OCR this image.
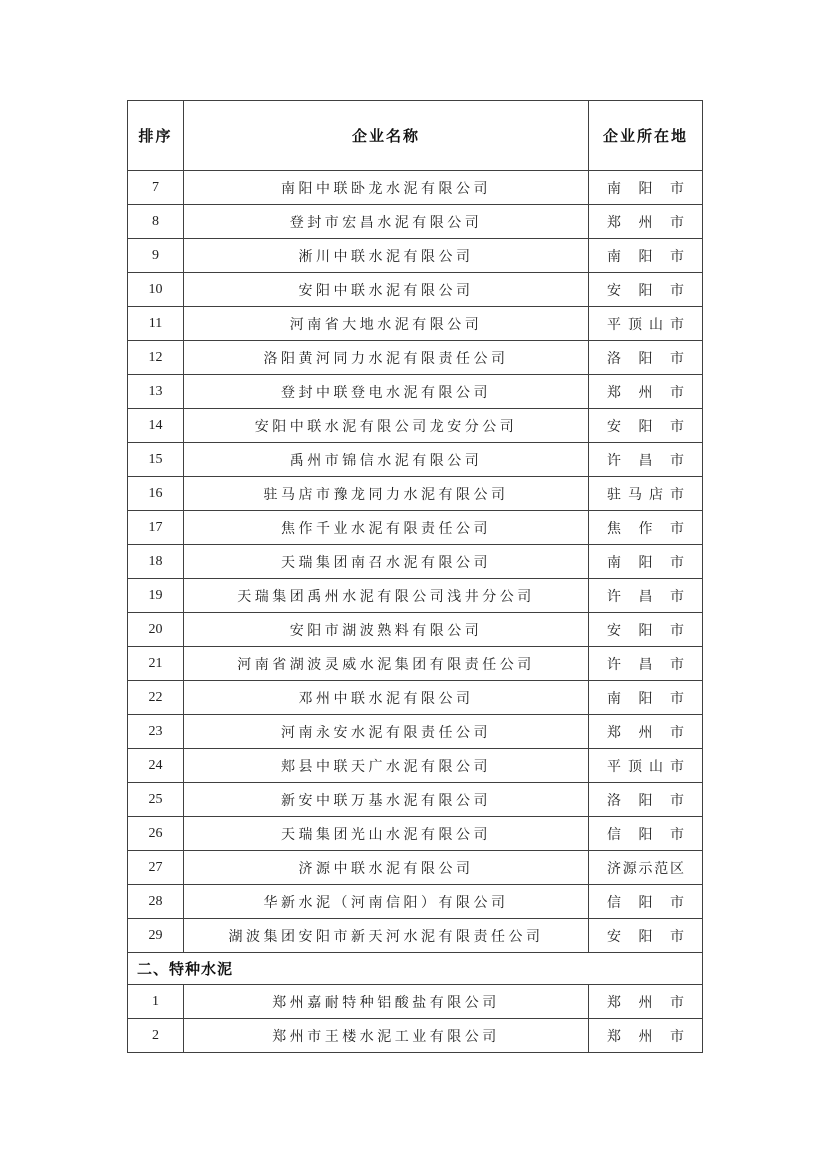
排序	企业名称	企业所在地
7	南阳中联卧龙水泥有限公司	南阳市
8	登封市宏昌水泥有限公司	郑州市
9	淅川中联水泥有限公司	南阳市
10	安阳中联水泥有限公司	安阳市
11	河南省大地水泥有限公司	平顶山市
12	洛阳黄河同力水泥有限责任公司	洛阳市
13	登封中联登电水泥有限公司	郑州市
14	安阳中联水泥有限公司龙安分公司	安阳市
15	禹州市锦信水泥有限公司	许昌市
16	驻马店市豫龙同力水泥有限公司	驻马店市
17	焦作千业水泥有限责任公司	焦作市
18	天瑞集团南召水泥有限公司	南阳市
19	天瑞集团禹州水泥有限公司浅井分公司	许昌市
20	安阳市湖波熟料有限公司	安阳市
21	河南省湖波灵威水泥集团有限责任公司	许昌市
22	邓州中联水泥有限公司	南阳市
23	河南永安水泥有限责任公司	郑州市
24	郏县中联天广水泥有限公司	平顶山市
25	新安中联万基水泥有限公司	洛阳市
26	天瑞集团光山水泥有限公司	信阳市
27	济源中联水泥有限公司	济源示范区
28	华新水泥（河南信阳）有限公司	信阳市
29	湖波集团安阳市新天河水泥有限责任公司	安阳市
二、特种水泥		
1	郑州嘉耐特种铝酸盐有限公司	郑州市
2	郑州市王楼水泥工业有限公司	郑州市
